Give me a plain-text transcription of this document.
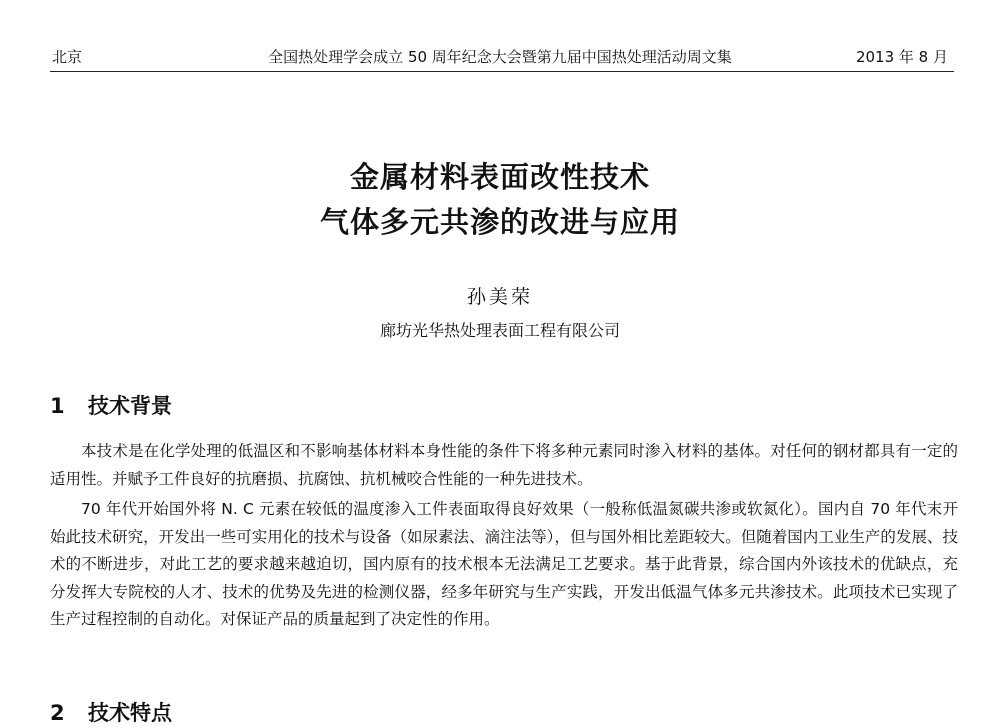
北京	全国热处理学会成立 50 周年纪念大会暨第九届中国热处理活动周文集	2013 年 8 月
金属材料表面改性技术
气体多元共渗的改进与应用
孙美荣
廊坊光华热处理表面工程有限公司
1 技术背景

本技术是在化学处理的低温区和不影响基体材料本身性能的条件下将多种元素同时渗入材料的基体。对任何的钢材都具有一定的适用性。并赋予工件良好的抗磨损、抗腐蚀、抗机械咬合性能的一种先进技术。

70 年代开始国外将 N. C 元素在较低的温度渗入工件表面取得良好效果（一般称低温氮碳共渗或软氮化）。国内自 70 年代末开始此技术研究，开发出一些可实用化的技术与设备（如尿素法、滴注法等），但与国外相比差距较大。但随着国内工业生产的发展、技术的不断进步，对此工艺的要求越来越迫切，国内原有的技术根本无法满足工艺要求。基于此背景，综合国内外该技术的优缺点，充分发挥大专院校的人才、技术的优势及先进的检测仪器，经多年研究与生产实践，开发出低温气体多元共渗技术。此项技术已实现了生产过程控制的自动化。对保证产品的质量起到了决定性的作用。

2 技术特点
